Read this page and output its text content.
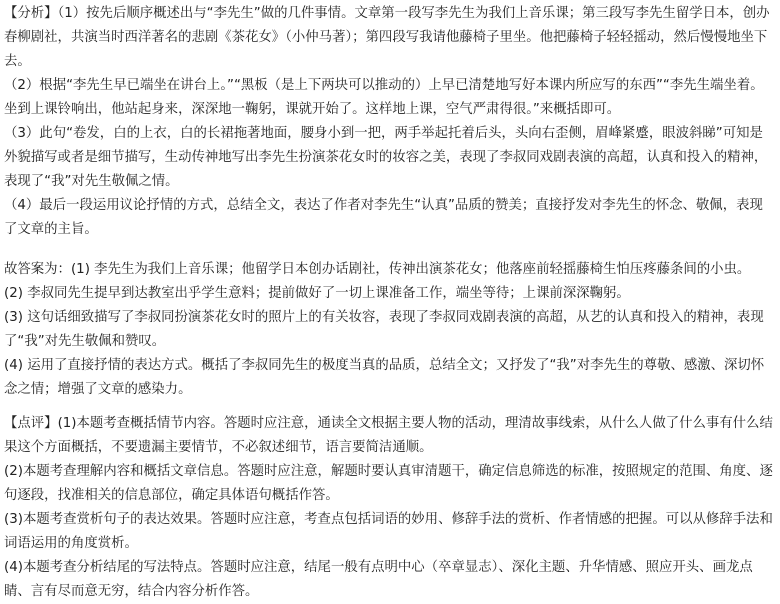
【分析】（1）按先后顺序概述出与“李先生”做的几件事情。文章第一段写李先生为我们上音乐课；第三段写李先生留学日本，创办春柳剧社，共演当时西洋著名的悲剧《茶花女》（小仲马著）；第四段写我请他藤椅子里坐。他把藤椅子轻轻摇动，然后慢慢地坐下去。

（2）根据“李先生早已端坐在讲台上。”“黑板（是上下两块可以推动的）上早已清楚地写好本课内所应写的东西”“李先生端坐着。坐到上课铃响出，他站起身来，深深地一鞠躬，课就开始了。这样地上课，空气严肃得很。”来概括即可。

（3）此句“卷发，白的上衣，白的长裙拖著地面，腰身小到一把，两手举起托着后头，头向右歪侧，眉峰紧蹙，眼波斜睇”可知是外貌描写或者是细节描写，生动传神地写出李先生扮演茶花女时的妆容之美，表现了李叔同戏剧表演的高超，认真和投入的精神，表现了“我”对先生敬佩之情。

（4）最后一段运用议论抒情的方式，总结全文，表达了作者对李先生“认真”品质的赞美；直接抒发对李先生的怀念、敬佩，表现了文章的主旨。

故答案为：(1) 李先生为我们上音乐课；他留学日本创办话剧社，传神出演茶花女；他落座前轻摇藤椅生怕压疼藤条间的小虫。

(2) 李叔同先生提早到达教室出乎学生意料；提前做好了一切上课准备工作，端坐等待；上课前深深鞠躬。

(3) 这句话细致描写了李叔同扮演茶花女时的照片上的有关妆容，表现了李叔同戏剧表演的高超，从艺的认真和投入的精神，表现了“我”对先生敬佩和赞叹。

(4) 运用了直接抒情的表达方式。概括了李叔同先生的极度当真的品质，总结全文；又抒发了“我”对李先生的尊敬、感激、深切怀念之情；增强了文章的感染力。

【点评】(1)本题考查概括情节内容。答题时应注意，通读全文根据主要人物的活动，理清故事线索，从什么人做了什么事有什么结果这个方面概括，不要遗漏主要情节，不必叙述细节，语言要简洁通顺。

(2)本题考查理解内容和概括文章信息。答题时应注意，解题时要认真审清题干，确定信息筛选的标准，按照规定的范围、角度、逐句逐段，找准相关的信息部位，确定具体语句概括作答。

(3)本题考查赏析句子的表达效果。答题时应注意，考查点包括词语的妙用、修辞手法的赏析、作者情感的把握。可以从修辞手法和词语运用的角度赏析。

(4)本题考查分析结尾的写法特点。答题时应注意，结尾一般有点明中心（卒章显志）、深化主题、升华情感、照应开头、画龙点睛、言有尽而意无穷，结合内容分析作答。
